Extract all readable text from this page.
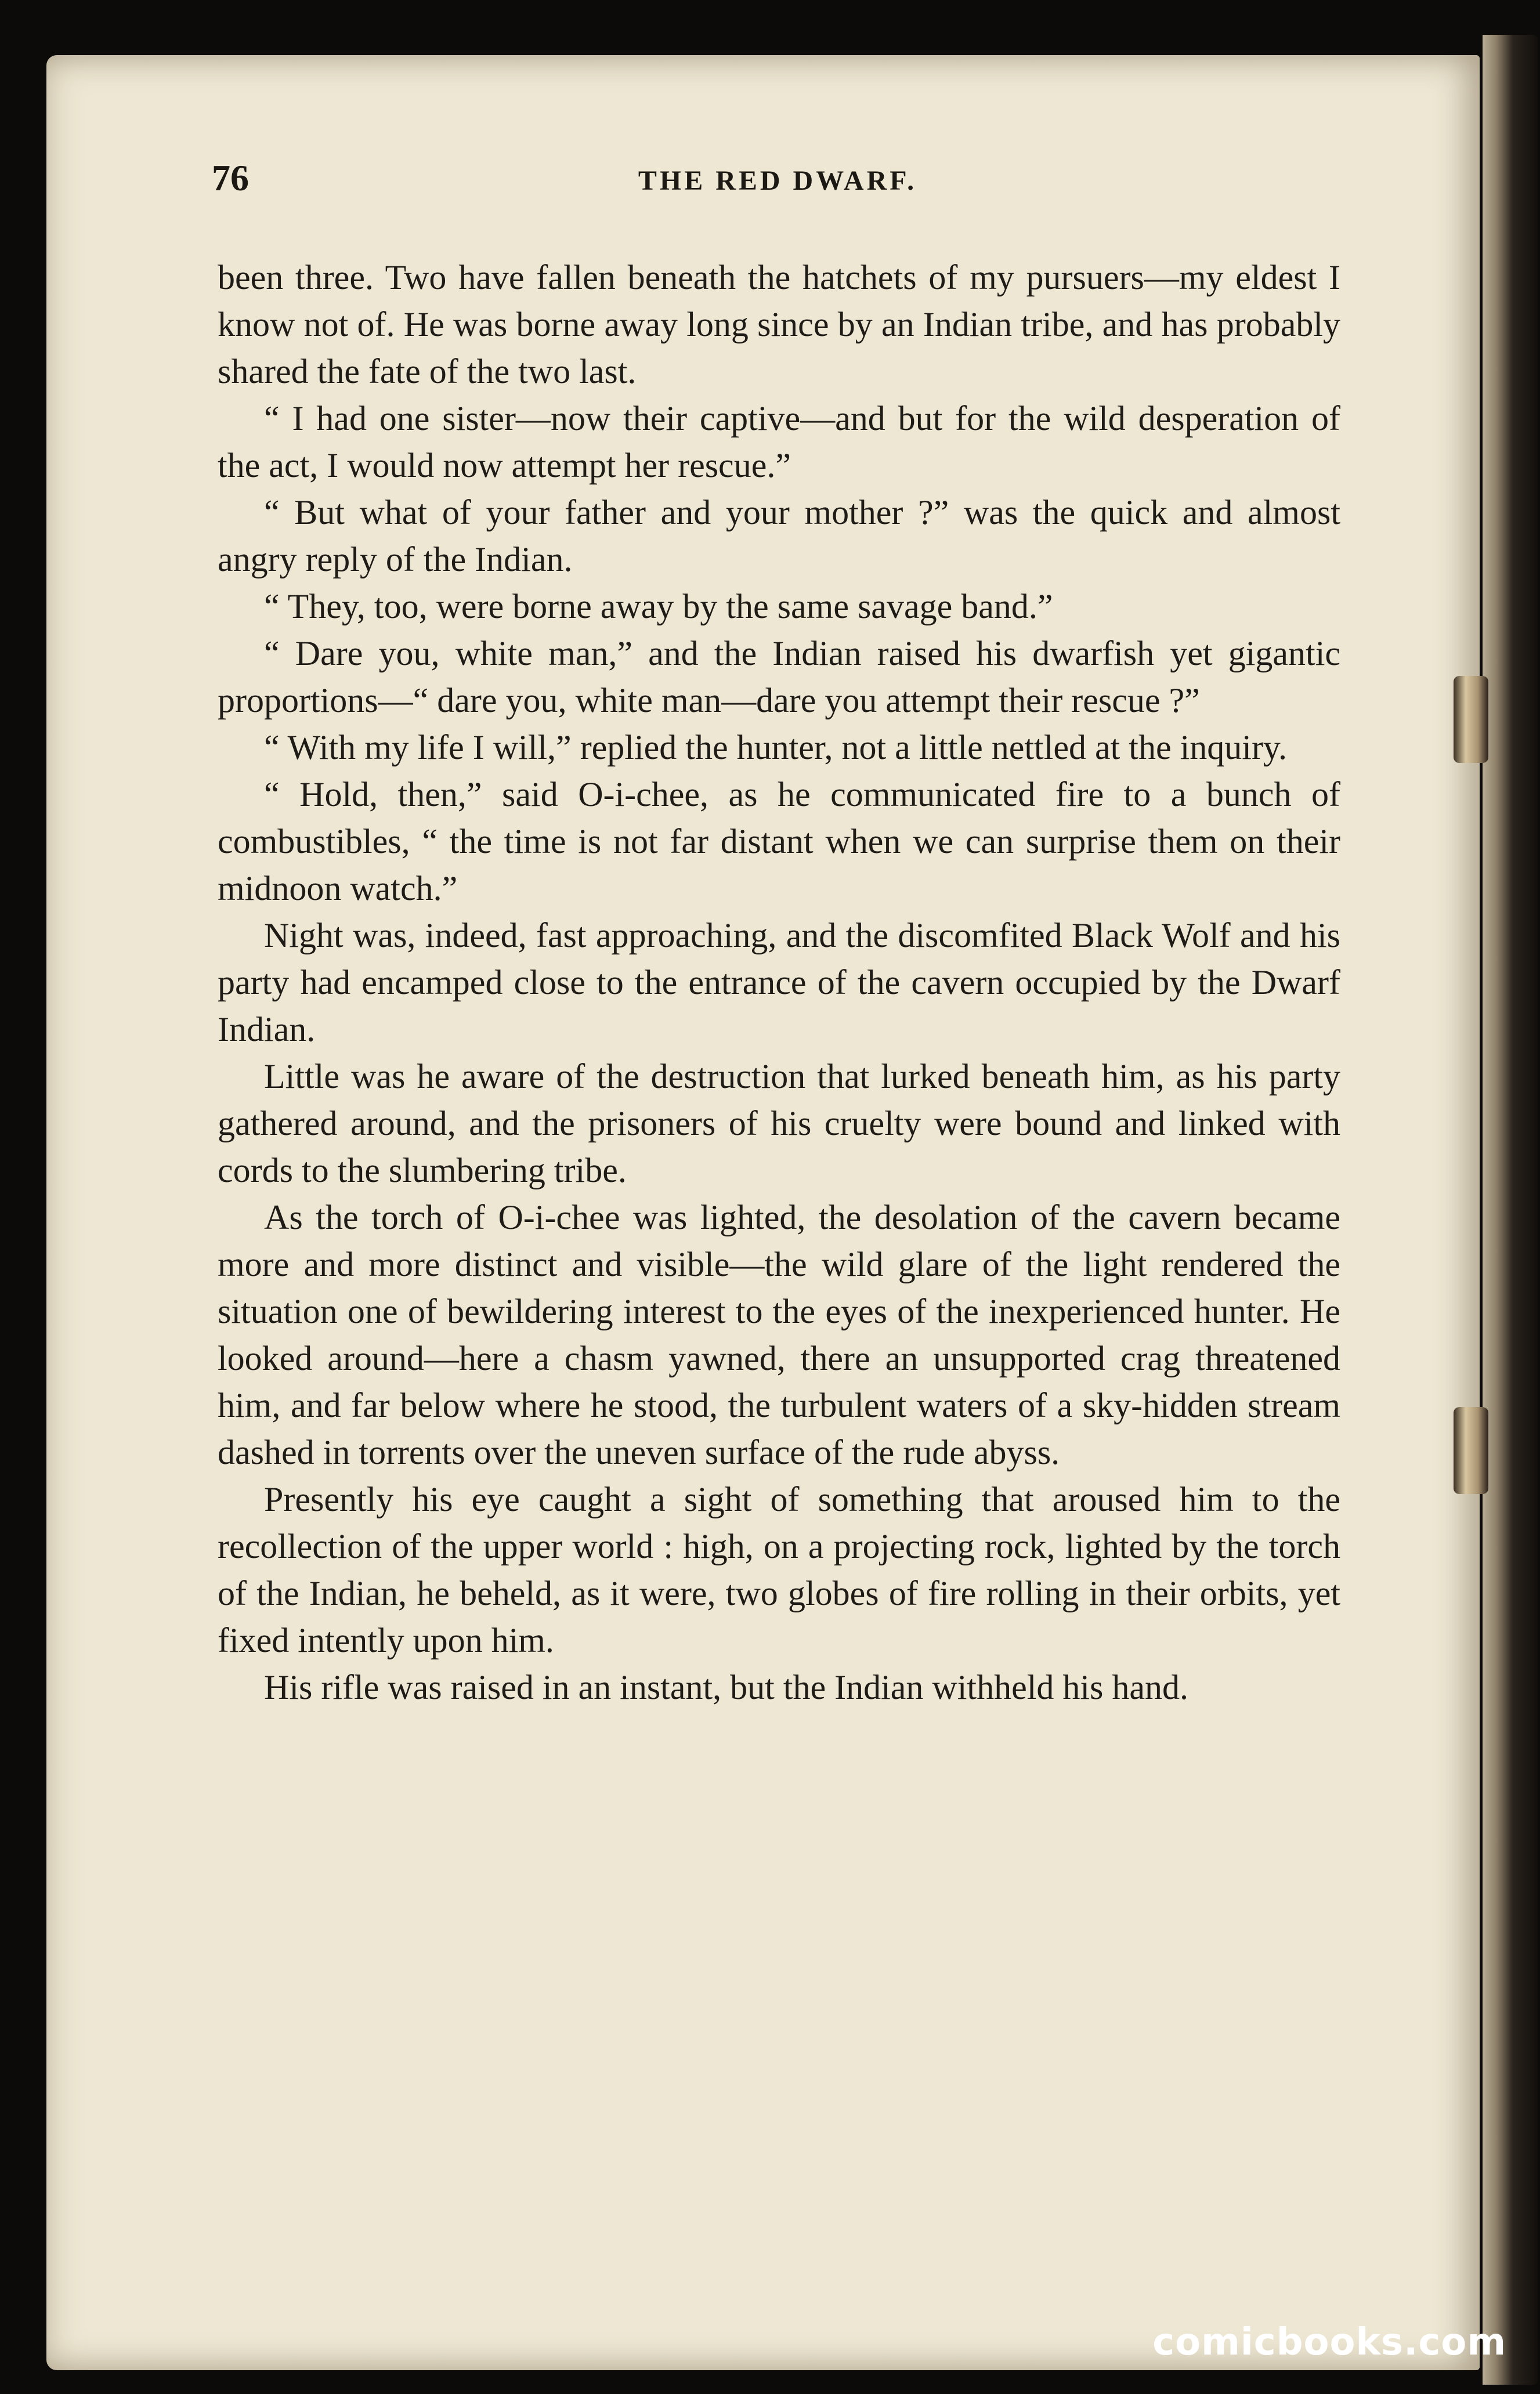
76	THE RED DWARF.

been three. Two have fallen beneath the hatchets of my pursuers—my eldest I know not of. He was borne away long since by an Indian tribe, and has probably shared the fate of the two last.

“ I had one sister—now their captive—and but for the wild desperation of the act, I would now attempt her rescue.”

“ But what of your father and your mother ?” was the quick and almost angry reply of the Indian.

“ They, too, were borne away by the same savage band.”

“ Dare you, white man,” and the Indian raised his dwarfish yet gigantic proportions—“ dare you, white man—dare you attempt their rescue ?”

“ With my life I will,” replied the hunter, not a little nettled at the inquiry.

“ Hold, then,” said O-i-chee, as he communicated fire to a bunch of combustibles, “ the time is not far distant when we can surprise them on their midnoon watch.”

Night was, indeed, fast approaching, and the discomfited Black Wolf and his party had encamped close to the entrance of the cavern occupied by the Dwarf Indian.

Little was he aware of the destruction that lurked beneath him, as his party gathered around, and the prisoners of his cruelty were bound and linked with cords to the slumbering tribe.

As the torch of O-i-chee was lighted, the desolation of the cavern became more and more distinct and visible—the wild glare of the light rendered the situation one of bewildering interest to the eyes of the inexperienced hunter. He looked around—here a chasm yawned, there an unsupported crag threatened him, and far below where he stood, the turbulent waters of a sky-hidden stream dashed in torrents over the uneven surface of the rude abyss.

Presently his eye caught a sight of something that aroused him to the recollection of the upper world : high, on a projecting rock, lighted by the torch of the Indian, he beheld, as it were, two globes of fire rolling in their orbits, yet fixed intently upon him.

His rifle was raised in an instant, but the Indian withheld his hand.

comicbooks.com
